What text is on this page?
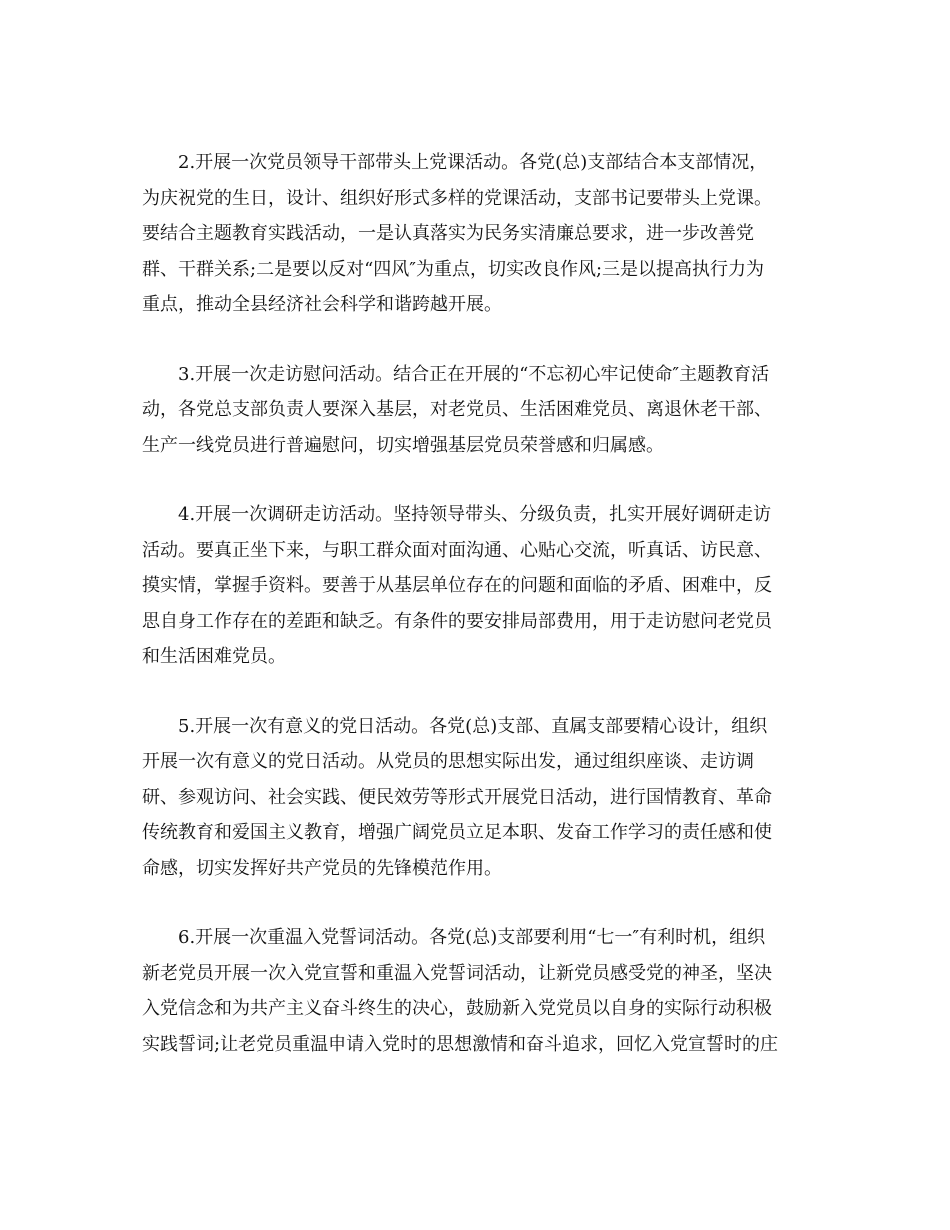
2.开展一次党员领导干部带头上党课活动。各党(总)支部结合本支部情况，
为庆祝党的生日，设计、组织好形式多样的党课活动，支部书记要带头上党课。
要结合主题教育实践活动，一是认真落实为民务实清廉总要求，进一步改善党
群、干群关系;二是要以反对“四风″为重点，切实改良作风;三是以提高执行力为
重点，推动全县经济社会科学和谐跨越开展。

3.开展一次走访慰问活动。结合正在开展的“不忘初心牢记使命″主题教育活
动，各党总支部负责人要深入基层，对老党员、生活困难党员、离退休老干部、
生产一线党员进行普遍慰问，切实增强基层党员荣誉感和归属感。

4.开展一次调研走访活动。坚持领导带头、分级负责，扎实开展好调研走访
活动。要真正坐下来，与职工群众面对面沟通、心贴心交流，听真话、访民意、
摸实情，掌握手资料。要善于从基层单位存在的问题和面临的矛盾、困难中，反
思自身工作存在的差距和缺乏。有条件的要安排局部费用，用于走访慰问老党员
和生活困难党员。

5.开展一次有意义的党日活动。各党(总)支部、直属支部要精心设计，组织
开展一次有意义的党日活动。从党员的思想实际出发，通过组织座谈、走访调
研、参观访问、社会实践、便民效劳等形式开展党日活动，进行国情教育、革命
传统教育和爱国主义教育，增强广阔党员立足本职、发奋工作学习的责任感和使
命感，切实发挥好共产党员的先锋模范作用。

6.开展一次重温入党誓词活动。各党(总)支部要利用“七一″有利时机，组织
新老党员开展一次入党宣誓和重温入党誓词活动，让新党员感受党的神圣，坚决
入党信念和为共产主义奋斗终生的决心，鼓励新入党党员以自身的实际行动积极
实践誓词;让老党员重温申请入党时的思想激情和奋斗追求，回忆入党宣誓时的庄
